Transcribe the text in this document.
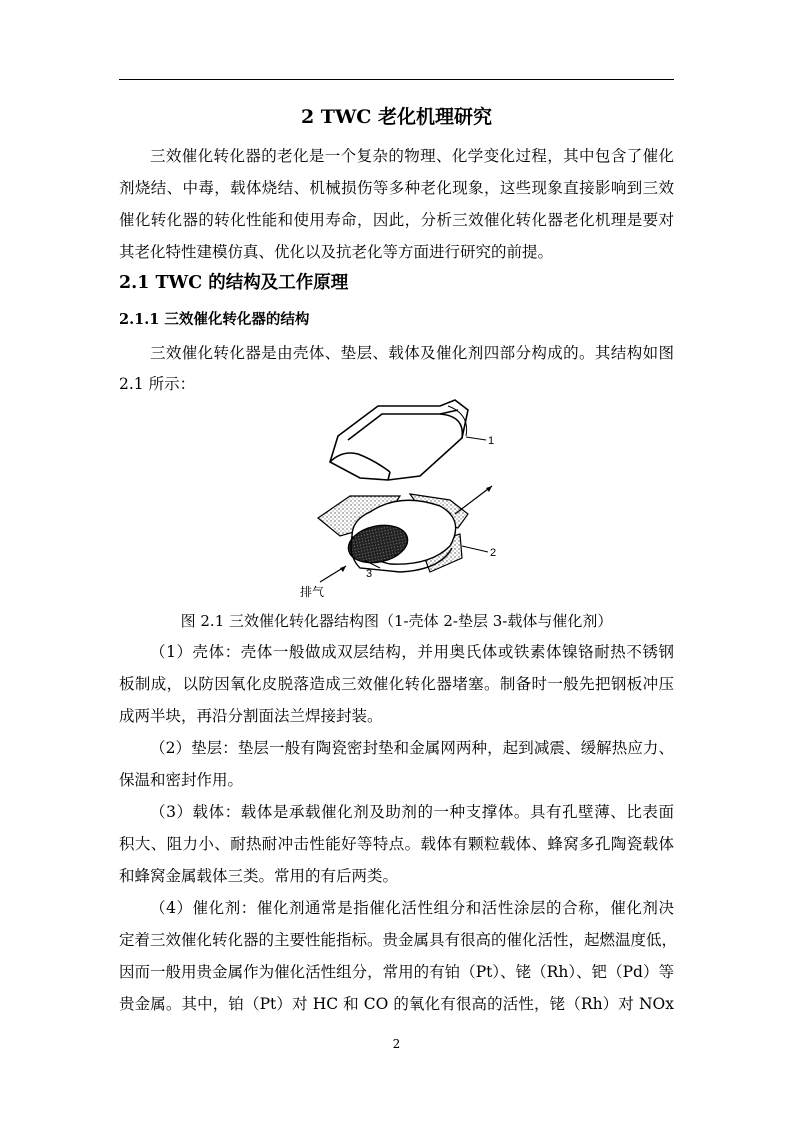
2 TWC 老化机理研究
三效催化转化器的老化是一个复杂的物理、化学变化过程，其中包含了催化
剂烧结、中毒，载体烧结、机械损伤等多种老化现象，这些现象直接影响到三效
催化转化器的转化性能和使用寿命，因此，分析三效催化转化器老化机理是要对
其老化特性建模仿真、优化以及抗老化等方面进行研究的前提。
2.1 TWC 的结构及工作原理
2.1.1 三效催化转化器的结构
三效催化转化器是由壳体、垫层、载体及催化剂四部分构成的。其结构如图
2.1 所示：
1
2
3
排气
图 2.1 三效催化转化器结构图（1-壳体 2-垫层 3-载体与催化剂）
（1）壳体：壳体一般做成双层结构，并用奥氏体或铁素体镍铬耐热不锈钢
板制成，以防因氧化皮脱落造成三效催化转化器堵塞。制备时一般先把钢板冲压
成两半块，再沿分割面法兰焊接封装。
（2）垫层：垫层一般有陶瓷密封垫和金属网两种，起到减震、缓解热应力、
保温和密封作用。
（3）载体：载体是承载催化剂及助剂的一种支撑体。具有孔壁薄、比表面
积大、阻力小、耐热耐冲击性能好等特点。载体有颗粒载体、蜂窝多孔陶瓷载体
和蜂窝金属载体三类。常用的有后两类。
（4）催化剂：催化剂通常是指催化活性组分和活性涂层的合称，催化剂决
定着三效催化转化器的主要性能指标。贵金属具有很高的催化活性，起燃温度低，
因而一般用贵金属作为催化活性组分，常用的有铂（Pt）、铑（Rh）、钯（Pd）等
贵金属。其中，铂（Pt）对 HC 和 CO 的氧化有很高的活性，铑（Rh）对 NOx
2
